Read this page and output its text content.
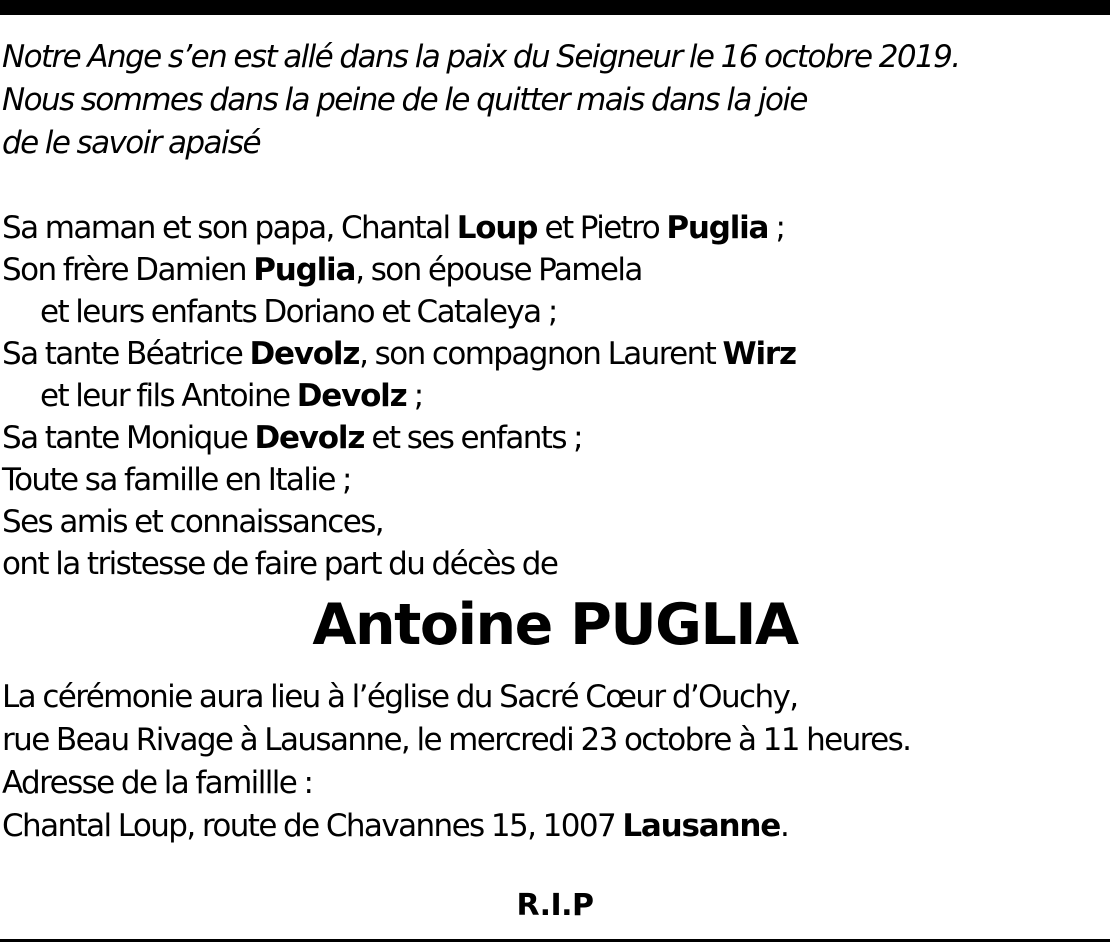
Notre Ange s’en est allé dans la paix du Seigneur le 16 octobre 2019.
Nous sommes dans la peine de le quitter mais dans la joie
de le savoir apaisé

Sa maman et son papa, Chantal Loup et Pietro Puglia ;
Son frère Damien Puglia, son épouse Pamela
et leurs enfants Doriano et Cataleya ;
Sa tante Béatrice Devolz, son compagnon Laurent Wirz
et leur fils Antoine Devolz ;
Sa tante Monique Devolz et ses enfants ;
Toute sa famille en Italie ;
Ses amis et connaissances,
ont la tristesse de faire part du décès de
Antoine PUGLIA
La cérémonie aura lieu à l’église du Sacré Cœur d’Ouchy,
rue Beau Rivage à Lausanne, le mercredi 23 octobre à 11 heures.
Adresse de la famillle :
Chantal Loup, route de Chavannes 15, 1007 Lausanne.
R.I.P
